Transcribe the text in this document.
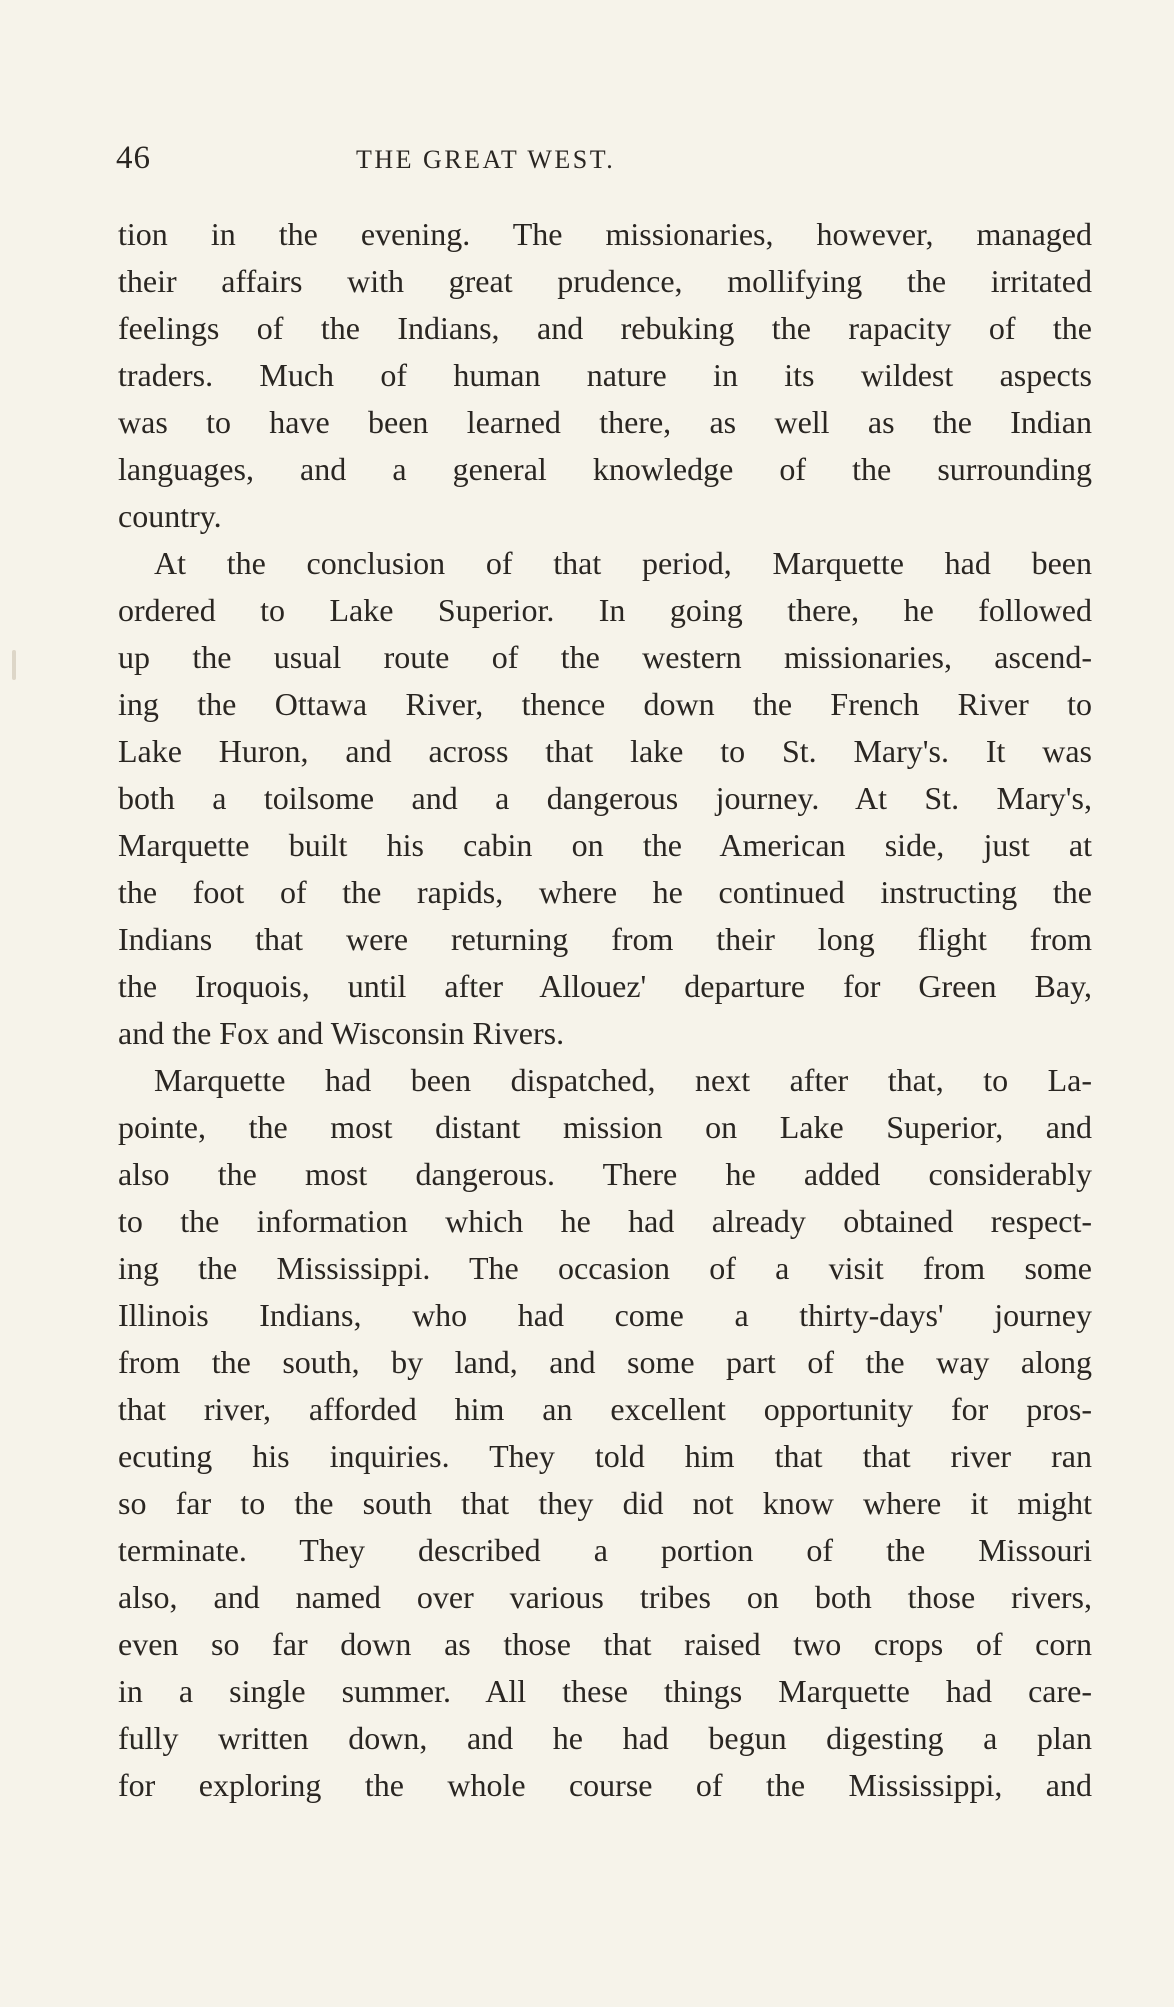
46	THE GREAT WEST.
tion in the evening. The missionaries, however, managed
their affairs with great prudence, mollifying the irritated
feelings of the Indians, and rebuking the rapacity of the
traders. Much of human nature in its wildest aspects
was to have been learned there, as well as the Indian
languages, and a general knowledge of the surrounding
country.
At the conclusion of that period, Marquette had been
ordered to Lake Superior. In going there, he followed
up the usual route of the western missionaries, ascend-
ing the Ottawa River, thence down the French River to
Lake Huron, and across that lake to St. Mary's. It was
both a toilsome and a dangerous journey. At St. Mary's,
Marquette built his cabin on the American side, just at
the foot of the rapids, where he continued instructing the
Indians that were returning from their long flight from
the Iroquois, until after Allouez' departure for Green Bay,
and the Fox and Wisconsin Rivers.
Marquette had been dispatched, next after that, to La-
pointe, the most distant mission on Lake Superior, and
also the most dangerous. There he added considerably
to the information which he had already obtained respect-
ing the Mississippi. The occasion of a visit from some
Illinois Indians, who had come a thirty-days' journey
from the south, by land, and some part of the way along
that river, afforded him an excellent opportunity for pros-
ecuting his inquiries. They told him that that river ran
so far to the south that they did not know where it might
terminate. They described a portion of the Missouri
also, and named over various tribes on both those rivers,
even so far down as those that raised two crops of corn
in a single summer. All these things Marquette had care-
fully written down, and he had begun digesting a plan
for exploring the whole course of the Mississippi, and
